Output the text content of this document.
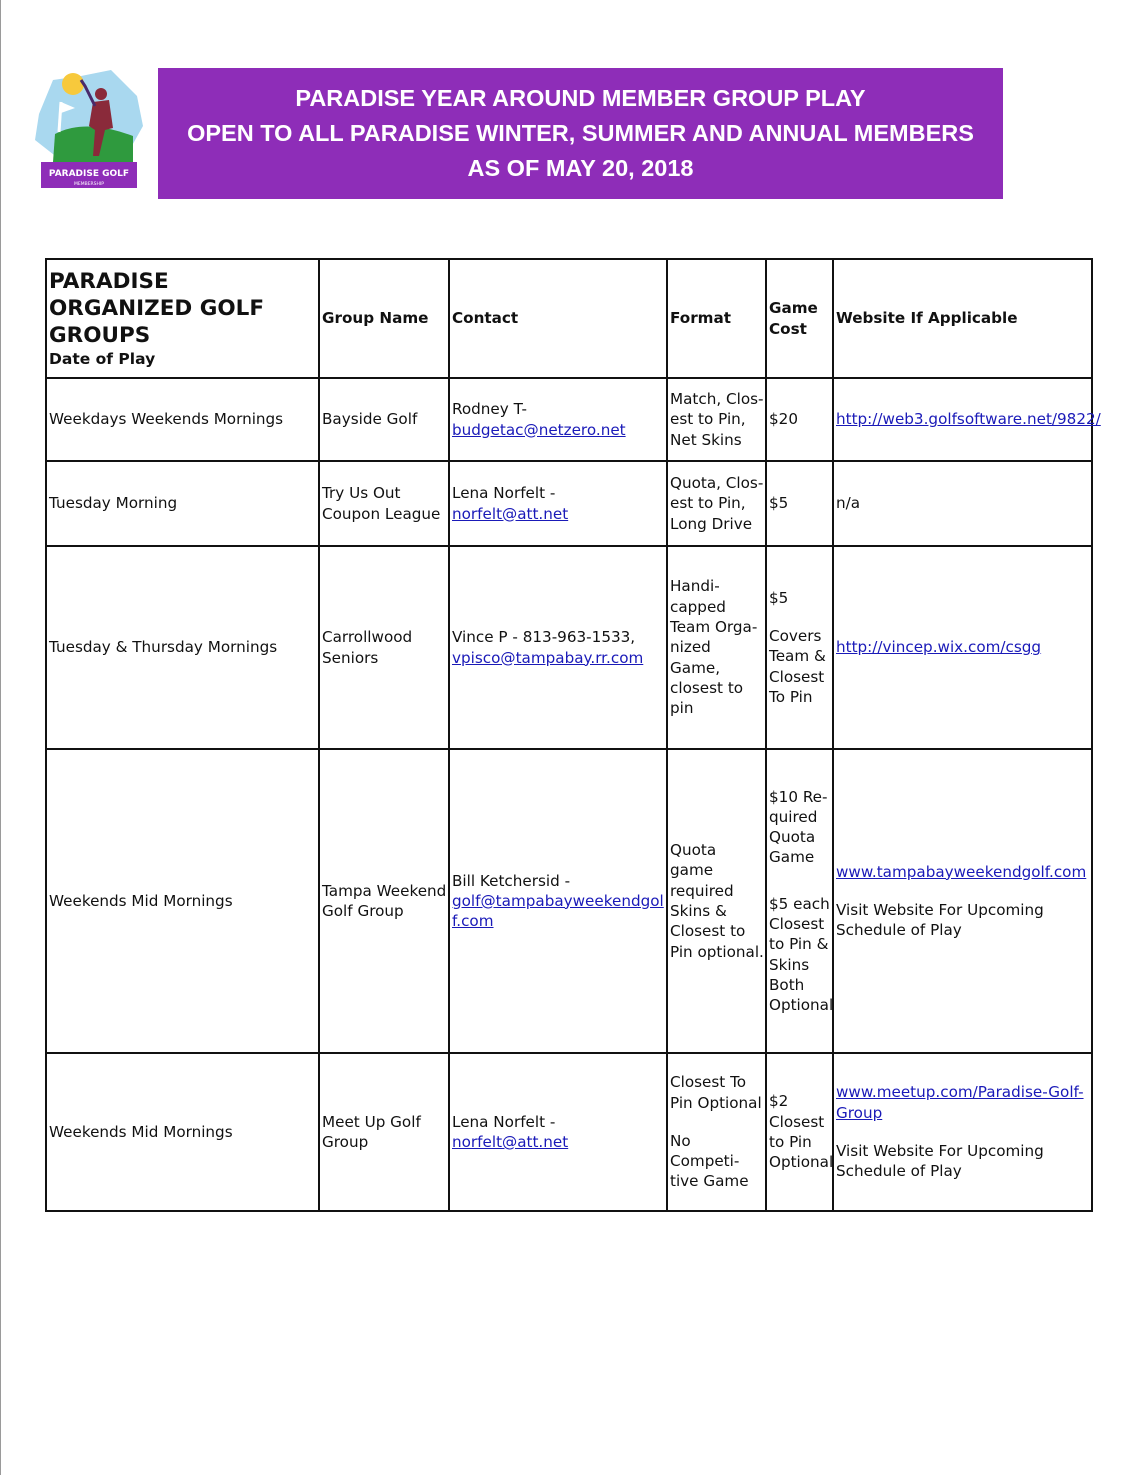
PARADISE GOLF
MEMBERSHIP
PARADISE YEAR AROUND MEMBER GROUP PLAY
OPEN TO ALL PARADISE WINTER, SUMMER AND ANNUAL MEMBERS
AS OF MAY 20, 2018
PARADISE ORGANIZED GOLF GROUPS
Date of Play	Group Name	Contact	Format	Game Cost	Website If Applicable
Weekdays Weekends Mornings	Bayside Golf	Rodney T-
budgetac@netzero.net	Match, Clos-est to Pin, Net Skins	$20	http://web3.golfsoftware.net/9822/
Tuesday Morning	Try Us Out Coupon League	Lena Norfelt -
norfelt@att.net	Quota, Clos-est to Pin, Long Drive	$5	n/a
Tuesday & Thursday Mornings	Carrollwood Seniors	Vince P - 813-963-1533,
vpisco@tampabay.rr.com	Handi-capped Team Orga-nized Game, closest to pin	$5
Covers Team & Closest To Pin	http://vincep.wix.com/csgg
Weekends Mid Mornings	Tampa Weekend Golf Group	Bill Ketchersid -
golf@tampabayweekendgolf.com	Quota game required Skins & Closest to Pin optional.	$10 Re-quired Quota Game
$5 each Closest to Pin & Skins Both Optional	www.tampabayweekendgolf.com
Visit Website For Upcoming Schedule of Play

Weekends Mid Mornings	Meet Up Golf Group	Lena Norfelt -
norfelt@att.net	Closest To Pin Optional
No Competi-tive Game	$2 Closest to Pin Optional	www.meetup.com/Paradise-Golf-Group
Visit Website For Upcoming Schedule of Play
